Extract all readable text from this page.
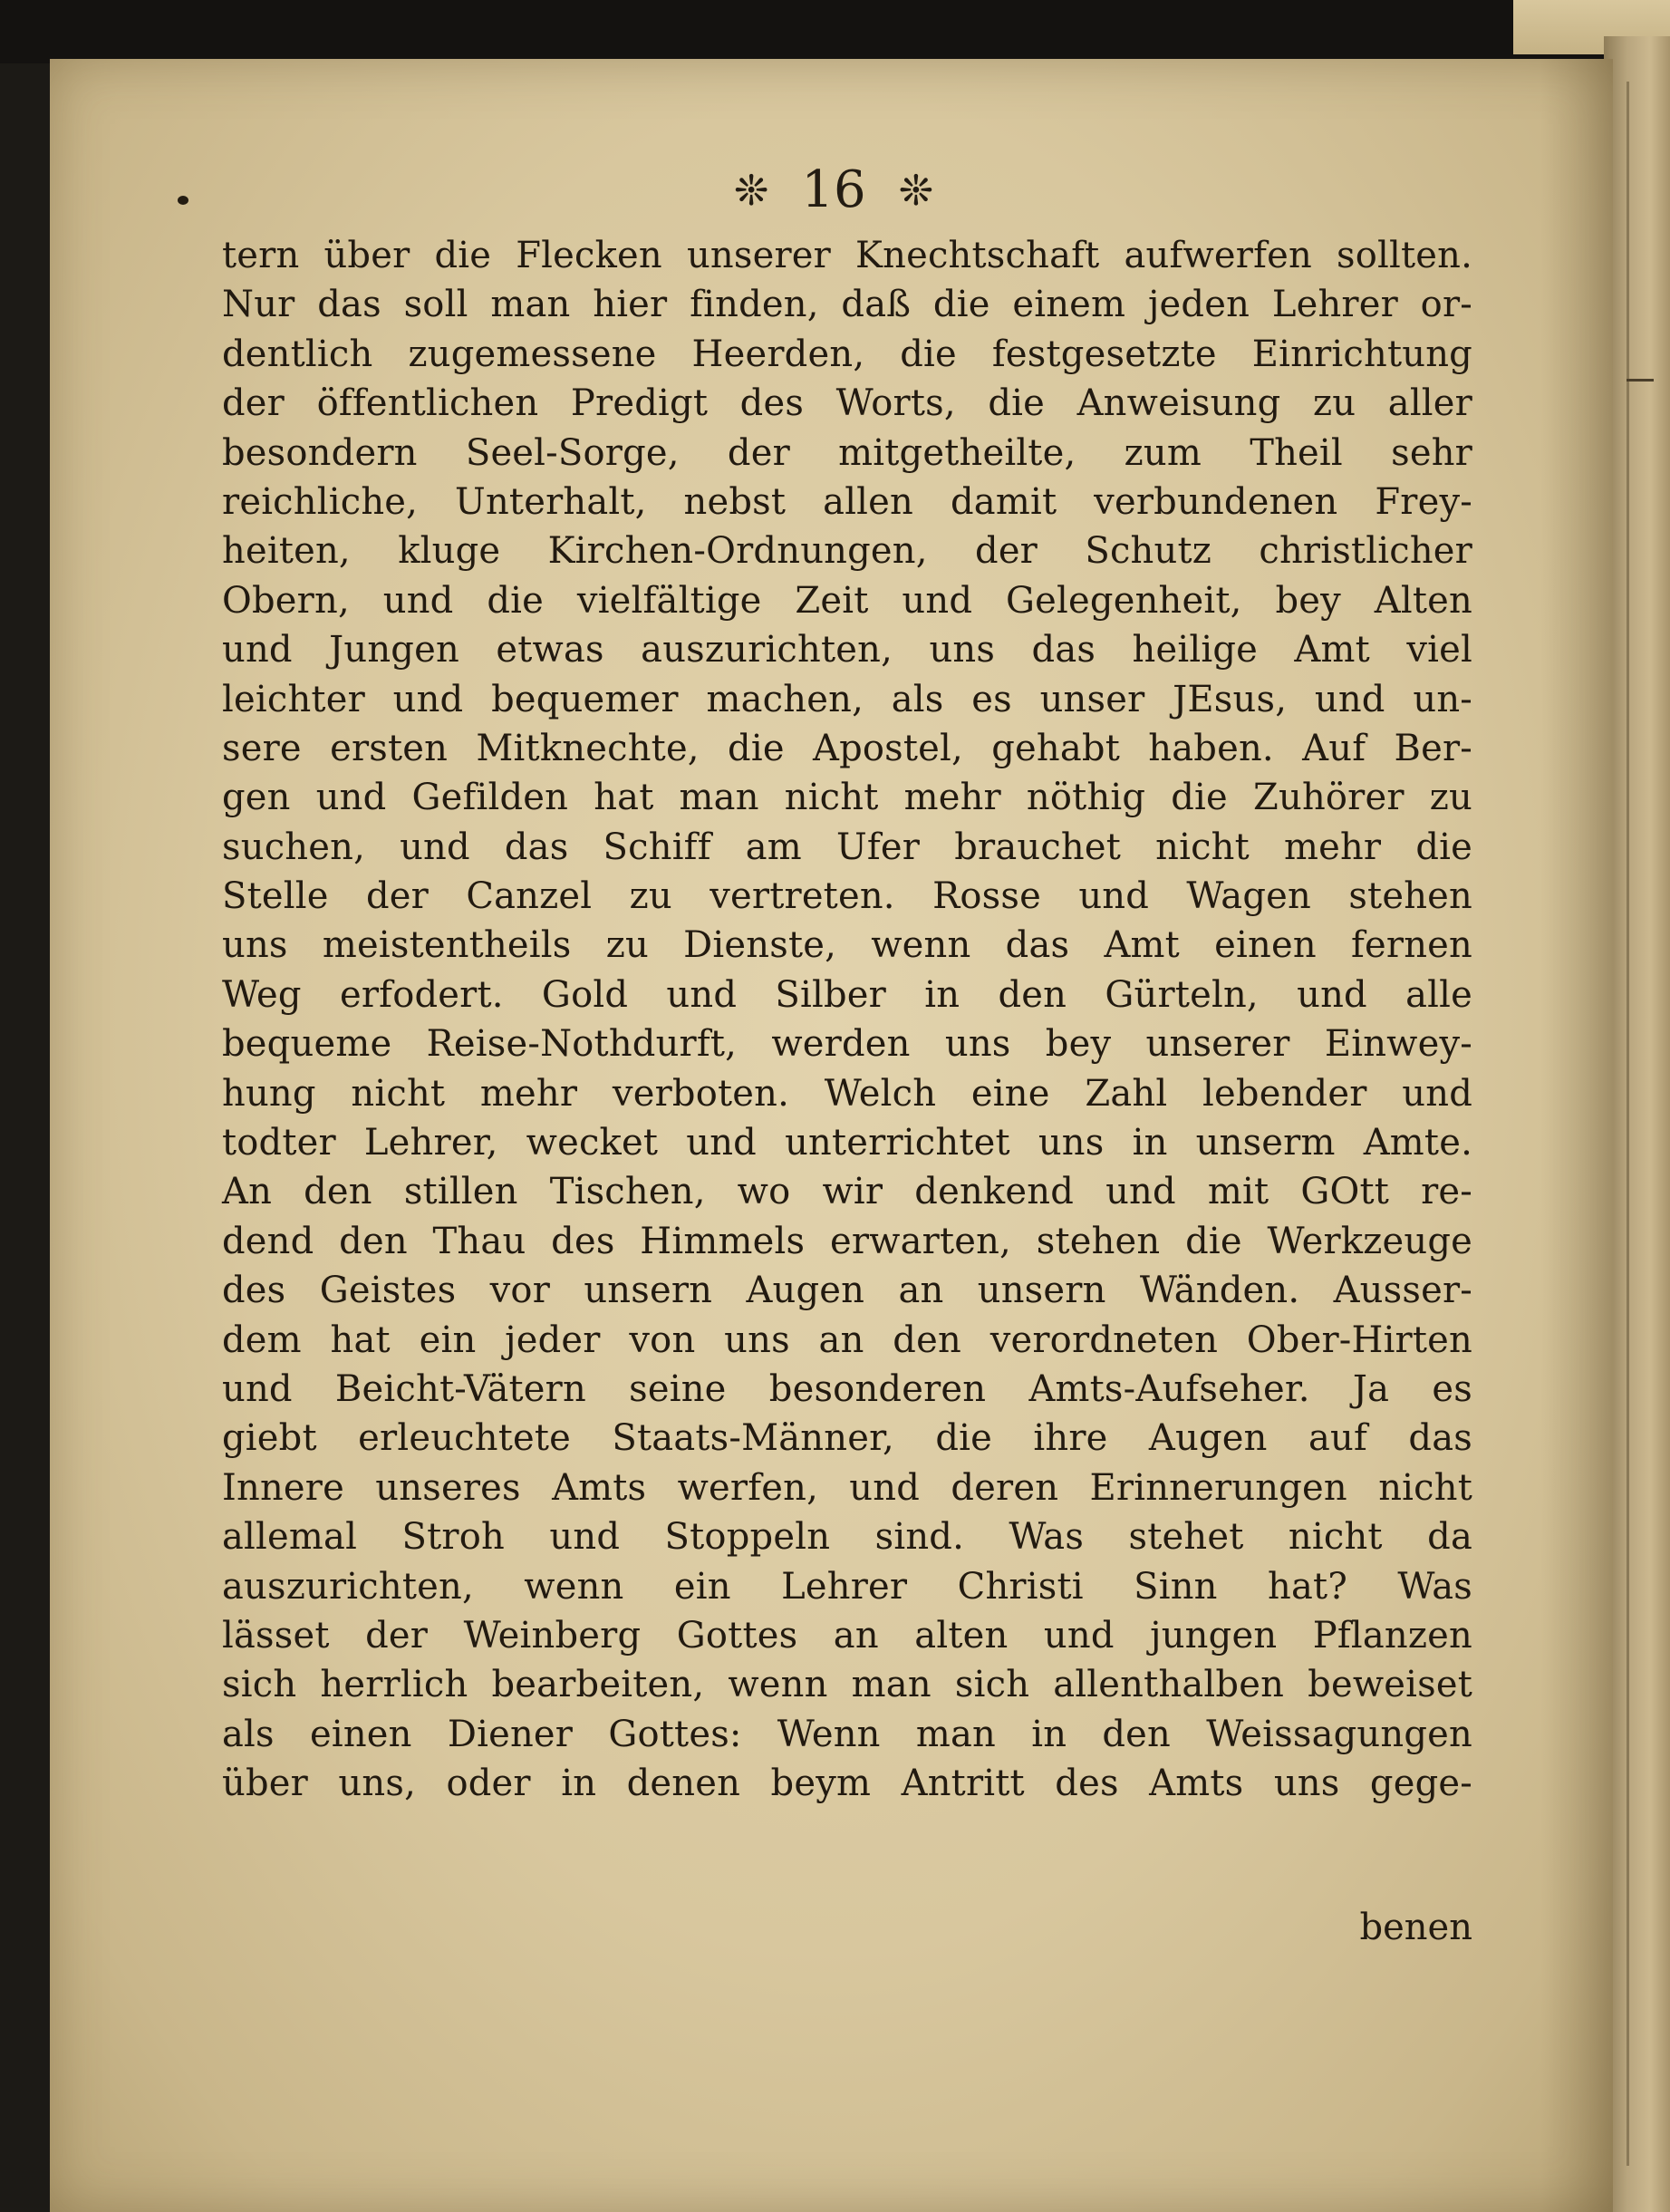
❊ 16 ❊
tern über die Flecken unserer Knechtschaft aufwerfen sollten.
Nur das soll man hier finden, daß die einem jeden Lehrer or-
dentlich zugemessene Heerden, die festgesetzte Einrichtung
der öffentlichen Predigt des Worts, die Anweisung zu aller
besondern Seel-Sorge, der mitgetheilte, zum Theil sehr
reichliche, Unterhalt, nebst allen damit verbundenen Frey-
heiten, kluge Kirchen-Ordnungen, der Schutz christlicher
Obern, und die vielfältige Zeit und Gelegenheit, bey Alten
und Jungen etwas auszurichten, uns das heilige Amt viel
leichter und bequemer machen, als es unser JEsus, und un-
sere ersten Mitknechte, die Apostel, gehabt haben. Auf Ber-
gen und Gefilden hat man nicht mehr nöthig die Zuhörer zu
suchen, und das Schiff am Ufer brauchet nicht mehr die
Stelle der Canzel zu vertreten. Rosse und Wagen stehen
uns meistentheils zu Dienste, wenn das Amt einen fernen
Weg erfodert. Gold und Silber in den Gürteln, und alle
bequeme Reise-Nothdurft, werden uns bey unserer Einwey-
hung nicht mehr verboten. Welch eine Zahl lebender und
todter Lehrer, wecket und unterrichtet uns in unserm Amte.
An den stillen Tischen, wo wir denkend und mit GOtt re-
dend den Thau des Himmels erwarten, stehen die Werkzeuge
des Geistes vor unsern Augen an unsern Wänden. Ausser-
dem hat ein jeder von uns an den verordneten Ober-Hirten
und Beicht-Vätern seine besonderen Amts-Aufseher. Ja es
giebt erleuchtete Staats-Männer, die ihre Augen auf das
Innere unseres Amts werfen, und deren Erinnerungen nicht
allemal Stroh und Stoppeln sind. Was stehet nicht da
auszurichten, wenn ein Lehrer Christi Sinn hat? Was
lässet der Weinberg Gottes an alten und jungen Pflanzen
sich herrlich bearbeiten, wenn man sich allenthalben beweiset
als einen Diener Gottes: Wenn man in den Weissagungen
über uns, oder in denen beym Antritt des Amts uns gege-
benen
